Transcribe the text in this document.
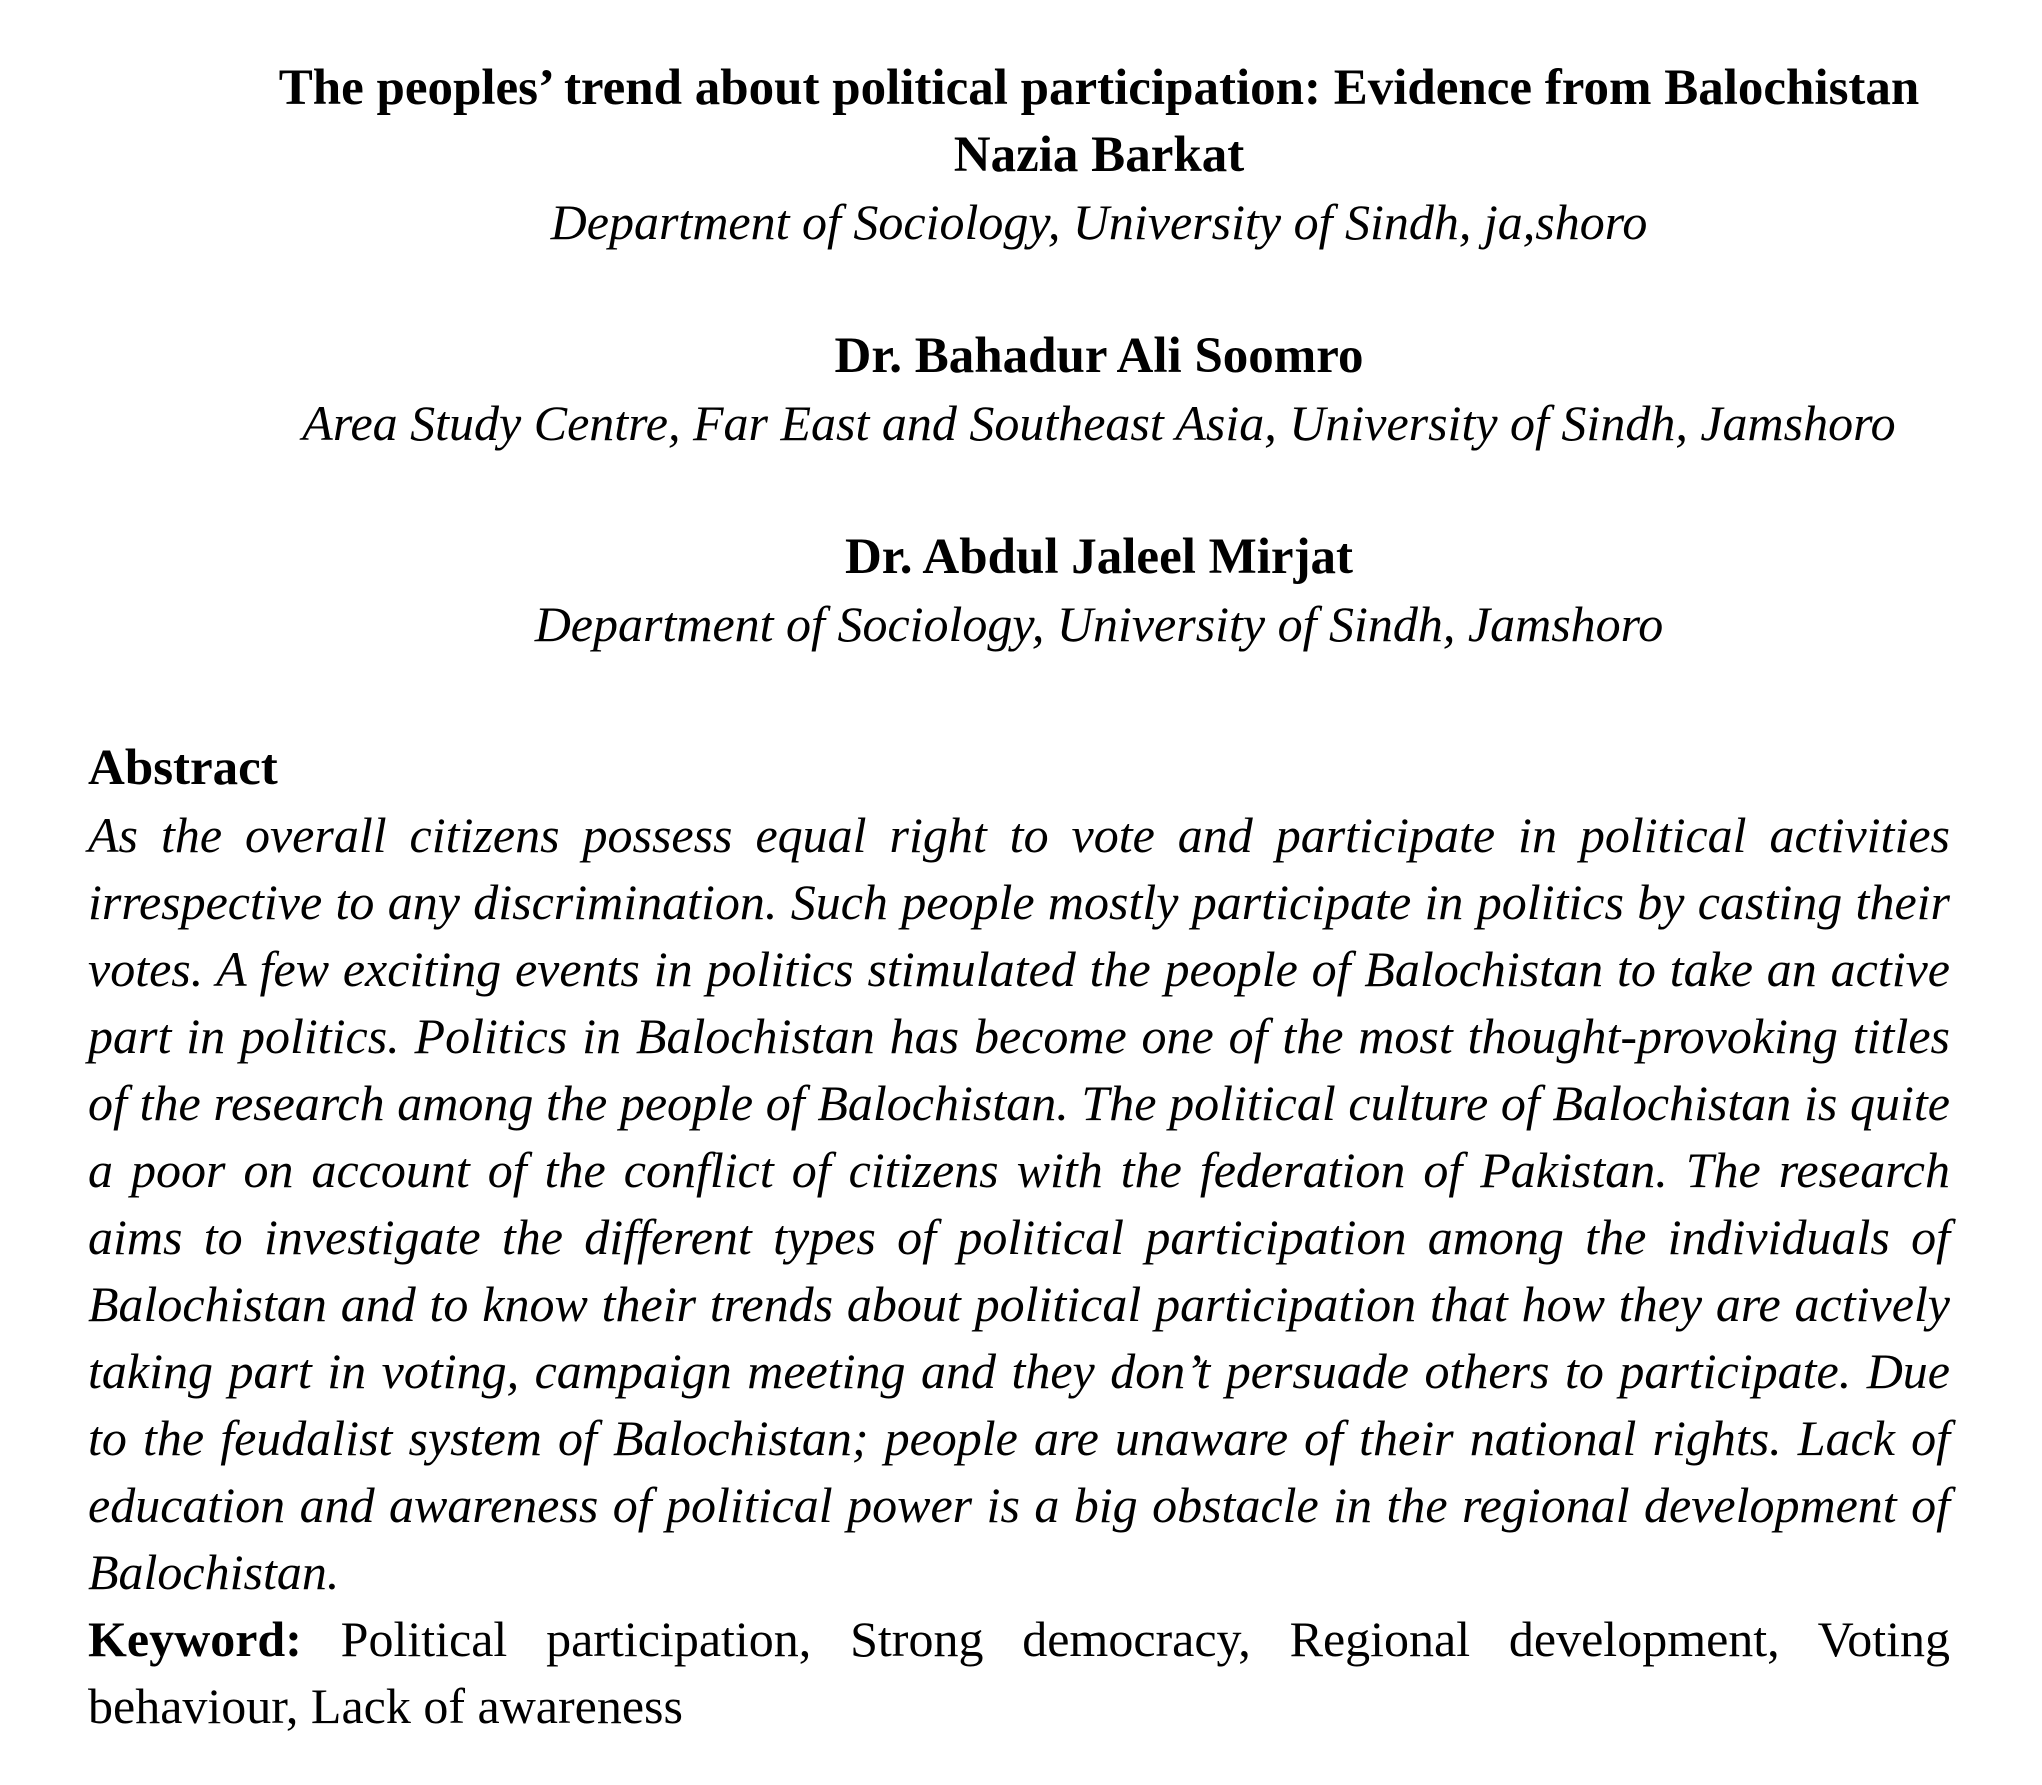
The peoples’ trend about political participation: Evidence from Balochistan
Nazia Barkat
Department of Sociology, University of Sindh, ja,shoro
Dr. Bahadur Ali Soomro
Area Study Centre, Far East and Southeast Asia, University of Sindh, Jamshoro
Dr. Abdul Jaleel Mirjat
Department of Sociology, University of Sindh, Jamshoro
Abstract

As the overall citizens possess equal right to vote and participate in political activities irrespective to any discrimination. Such people mostly participate in politics by casting their votes. A few exciting events in politics stimulated the people of Balochistan to take an active part in politics. Politics in Balochistan has become one of the most thought-provoking titles of the research among the people of Balochistan. The political culture of Balochistan is quite a poor on account of the conflict of citizens with the federation of Pakistan. The research aims to investigate the different types of political participation among the individuals of Balochistan and to know their trends about political participation that how they are actively taking part in voting, campaign meeting and they don’t persuade others to participate. Due to the feudalist system of Balochistan; people are unaware of their national rights. Lack of education and awareness of political power is a big obstacle in the regional development of Balochistan.

Keyword: Political participation, Strong democracy, Regional development, Voting behaviour, Lack of awareness
